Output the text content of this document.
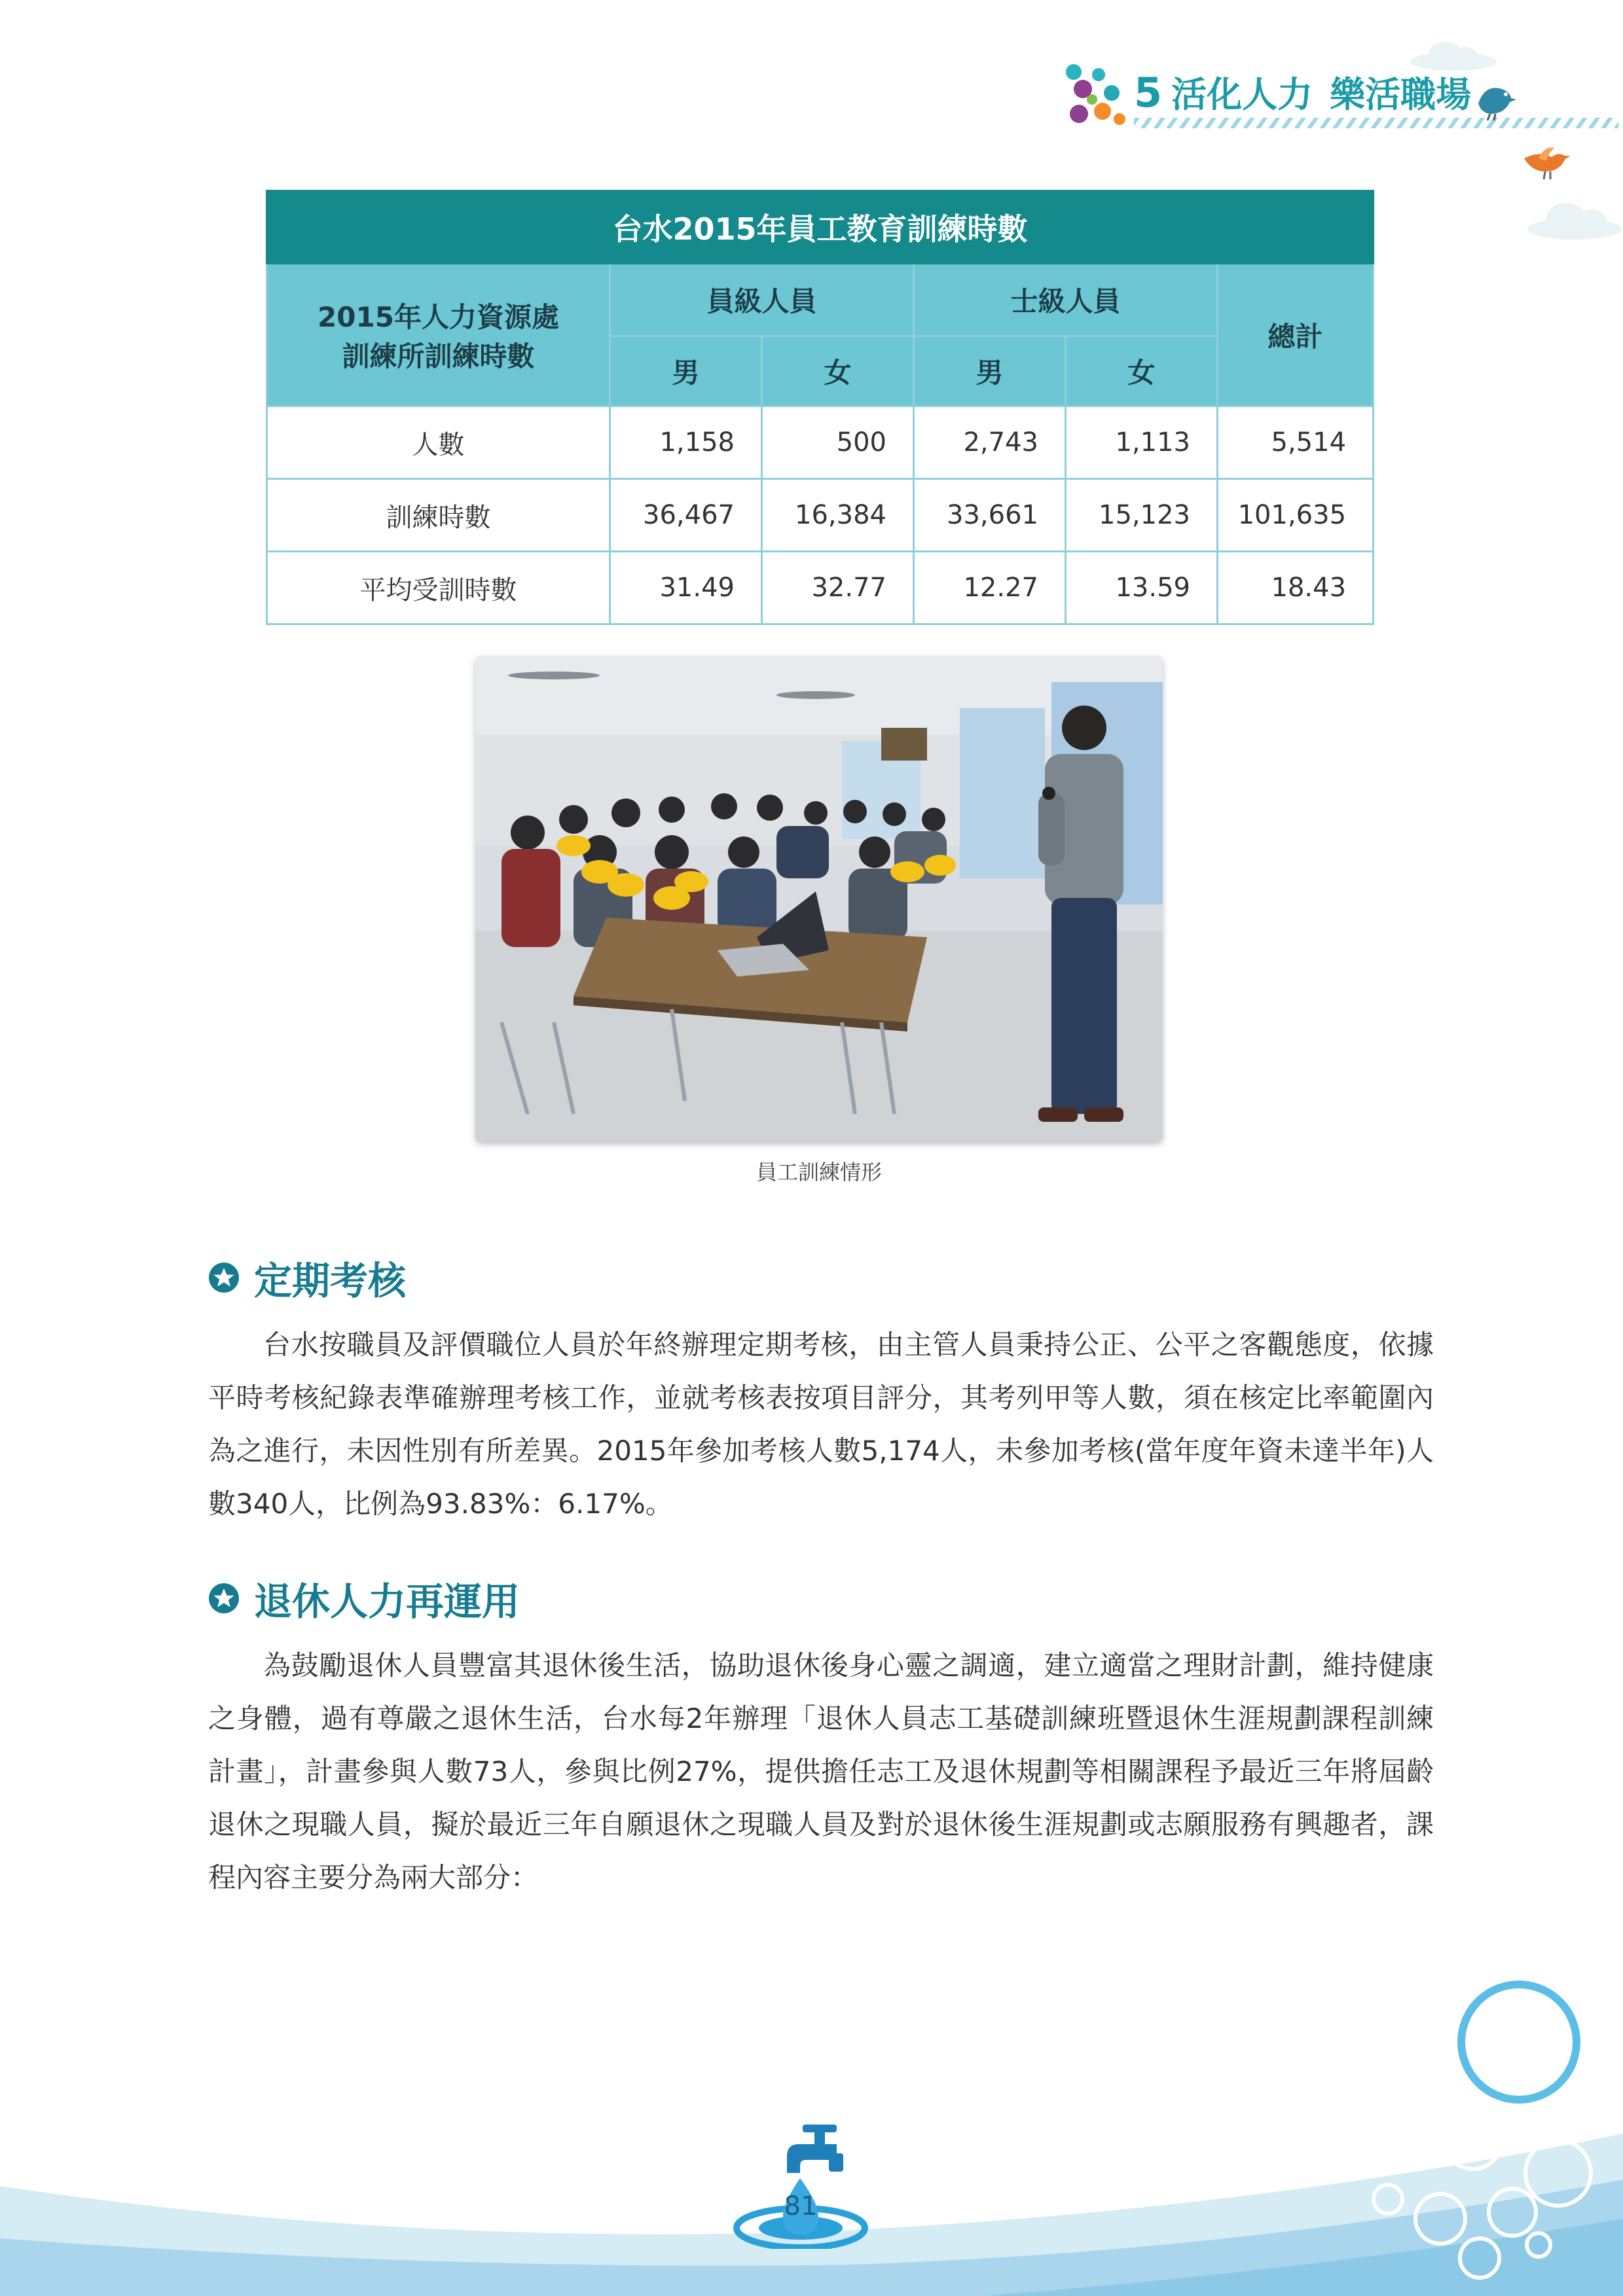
5 活化人力 樂活職場
台水2015年員工教育訓練時數					

2015年人力資源處
訓練所訓練時數	員級人員		士級人員		總計
	男	女	男	女	
人數	1,158	500	2,743	1,113	5,514
訓練時數	36,467	16,384	33,661	15,123	101,635
平均受訓時數	31.49	32.77	12.27	13.59	18.43
員工訓練情形
定期考核
台水按職員及評價職位人員於年終辦理定期考核，由主管人員秉持公正、公平之客觀態度，依據平時考核紀錄表準確辦理考核工作，並就考核表按項目評分，其考列甲等人數，須在核定比率範圍內為之進行，未因性別有所差異。2015年參加考核人數5,174人，未參加考核(當年度年資未達半年)人數340人，比例為93.83%：6.17%。
退休人力再運用
為鼓勵退休人員豐富其退休後生活，協助退休後身心靈之調適，建立適當之理財計劃，維持健康之身體，過有尊嚴之退休生活，台水每2年辦理「退休人員志工基礎訓練班暨退休生涯規劃課程訓練計畫」，計畫參與人數73人，參與比例27%，提供擔任志工及退休規劃等相關課程予最近三年將屆齡退休之現職人員，擬於最近三年自願退休之現職人員及對於退休後生涯規劃或志願服務有興趣者，課程內容主要分為兩大部分：
81
